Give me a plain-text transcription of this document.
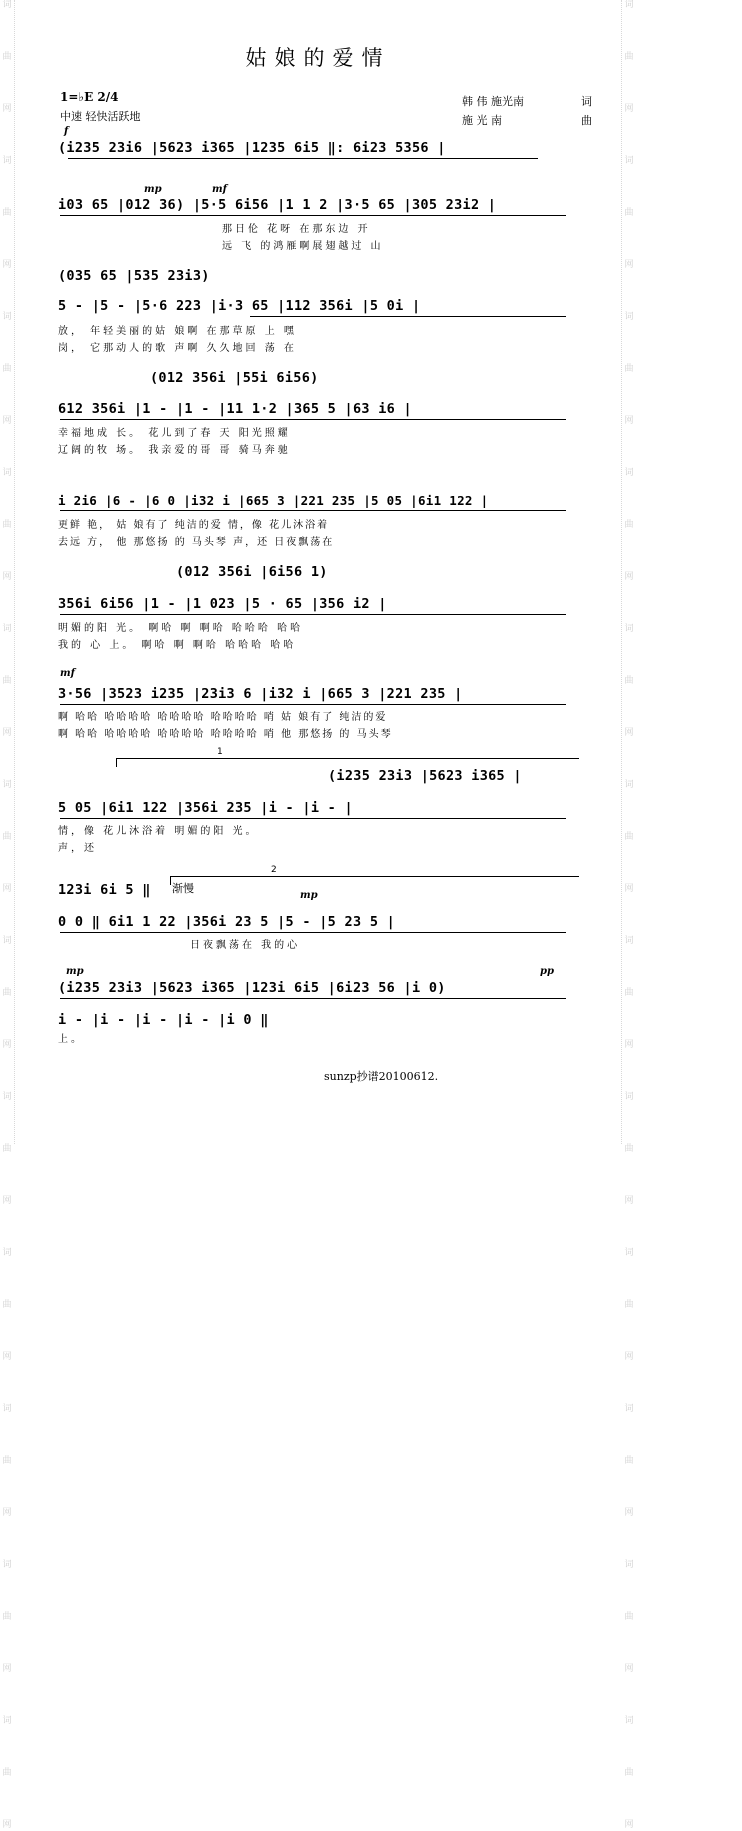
词
曲
网
词
曲
网
词
曲
网
词
曲
网
词
曲
网
词
曲
网
词
曲
网
词
曲
网
词
曲
网
词
曲
网
词
曲
网
词
曲
网
词
曲
网
词
曲
网
词
曲
网
词
曲
网
词
曲
网
词
曲
网
词
曲
网
词
曲
网
词
曲
网
词
曲
网
词
曲
网
词
曲
网
姑娘的爱情
1=♭E 2/4
中速 轻快活跃地
韩 伟 施光南	词
施 光 南	曲
f
(i235 23i6 |5623 i365 |1235 6i5 ‖: 6i23 5356 |
mp	mf
i03 65 |012 36) |5·5 6i56 |1 1 2 |3·5 65 |305 23i2 |
那日伦 花呀 在那东边 开
远 飞 的鸿雁啊展翅越过 山
(035 65 |535 23i3)
5 - |5 - |5·6 223 |i·3 65 |112 356i |5 0i |
放， 年轻美丽的姑 娘啊 在那草原 上 嘿
岗， 它那动人的歌 声啊 久久地回 荡 在
(012 356i |55i 6i56)
612 356i |1 - |1 - |11 1·2 |365 5 |63 i6 |
幸福地成 长。 花儿到了春 天 阳光照耀
辽阔的牧 场。 我亲爱的哥 哥 骑马奔驰
i 2i6 |6 - |6 0 |i32 i |665 3 |221 235 |5 05 |6i1 122 |
更鲜 艳， 姑 娘有了 纯洁的爱 情，像 花儿沐浴着
去远 方， 他 那悠扬 的 马头琴 声，还 日夜飘荡在
(012 356i |6i56 1)
356i 6i56 |1 - |1 023 |5 · 65 |356 i2 |
明媚的阳 光。 啊哈 啊 啊哈 哈哈哈 哈哈
我的 心 上。 啊哈 啊 啊哈 哈哈哈 哈哈
mf
3·56 |3523 i235 |23i3 6 |i32 i |665 3 |221 235 |
啊 哈哈 哈哈哈哈 哈哈哈哈 哈哈哈哈 哨 姑 娘有了 纯洁的爱
啊 哈哈 哈哈哈哈 哈哈哈哈 哈哈哈哈 哨 他 那悠扬 的 马头琴
1
(i235 23i3 |5623 i365 |
5 05 |6i1 122 |356i 235 |i - |i - |
情，像 花儿沐浴着 明媚的阳 光。
声，还
2
渐慢
123i 6i 5 ‖	mp
0 0 ‖ 6i1 1 22 |356i 23 5 |5 - |5 23 5 |
日夜飘荡在 我的心
mp	pp
(i235 23i3 |5623 i365 |123i 6i5 |6i23 56 |i 0)
i - |i - |i - |i - |i 0 ‖
上。
sunzp抄谱20100612.
